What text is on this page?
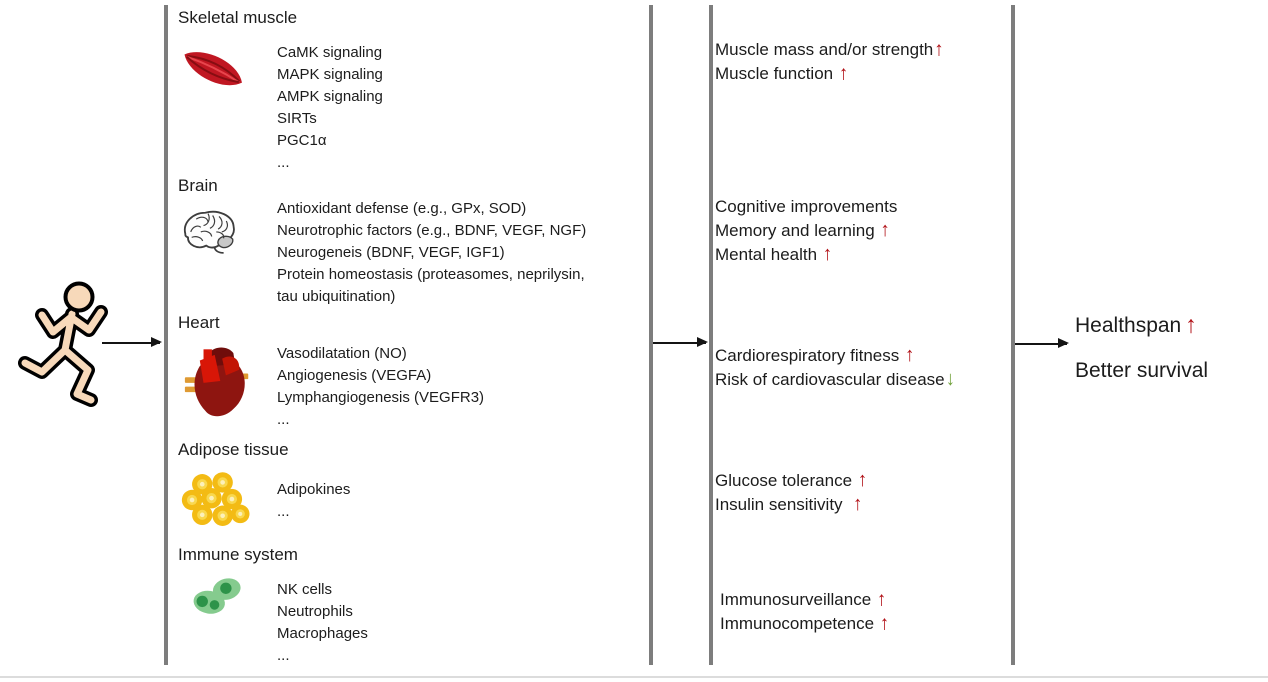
Skeletal muscle
CaMK signaling
MAPK signaling
AMPK signaling
SIRTs
PGC1α
...
Brain
Antioxidant defense (e.g., GPx, SOD)
Neurotrophic factors (e.g., BDNF, VEGF, NGF)
Neurogeneis (BDNF, VEGF, IGF1)
Protein homeostasis (proteasomes, neprilysin,
tau ubiquitination)
Heart
Vasodilatation (NO)
Angiogenesis (VEGFA)
Lymphangiogenesis (VEGFR3)
...
Adipose tissue
Adipokines
...
Immune system
NK cells
Neutrophils
Macrophages
...
Muscle mass and/or strength↑
Muscle function ↑
Cognitive improvements
Memory and learning ↑
Mental health ↑
Cardiorespiratory fitness ↑
Risk of cardiovascular disease↓
Glucose tolerance ↑
Insulin sensitivity  ↑
Immunosurveillance ↑
Immunocompetence ↑
Healthspan ↑
Better survival
